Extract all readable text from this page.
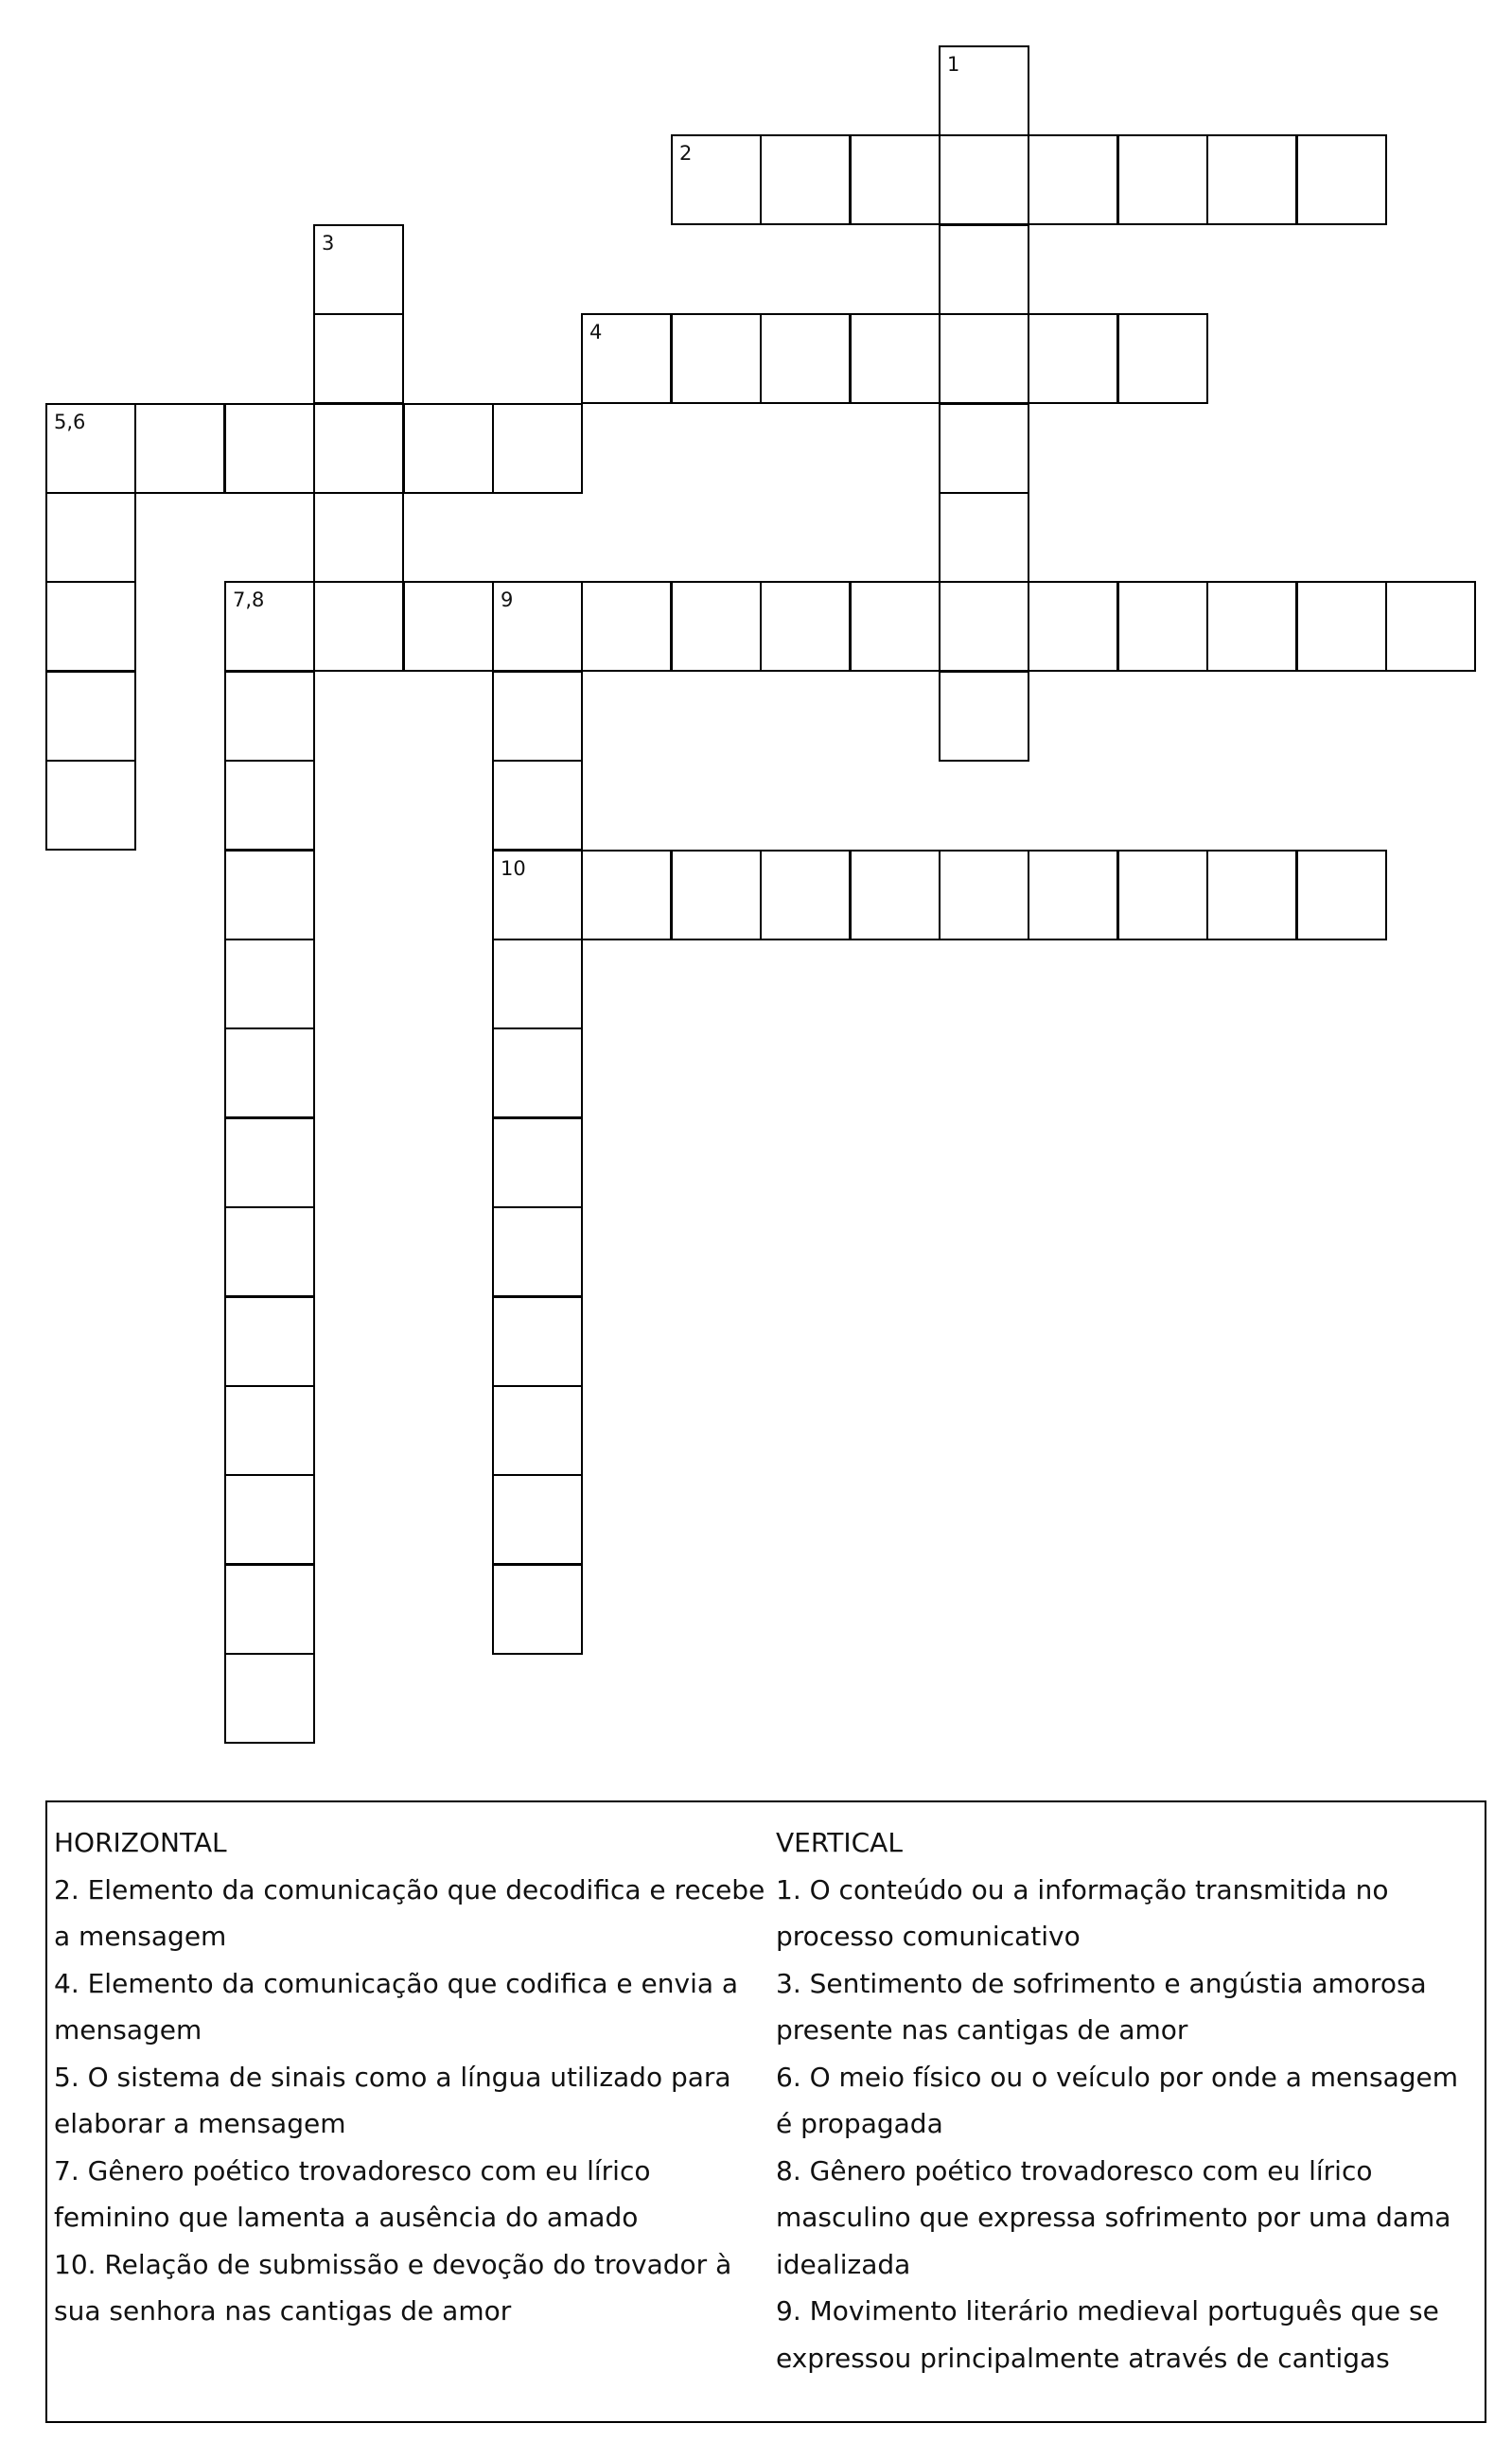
1
2
3
4
5,6
7,8	9
10

HORIZONTAL

2. Elemento da comunicação que decodifica e recebe a mensagem

4. Elemento da comunicação que codifica e envia a mensagem

5. O sistema de sinais como a língua utilizado para elaborar a mensagem

7. Gênero poético trovadoresco com eu lírico feminino que lamenta a ausência do amado

10. Relação de submissão e devoção do trovador à sua senhora nas cantigas de amor

VERTICAL

1. O conteúdo ou a informação transmitida no processo comunicativo

3. Sentimento de sofrimento e angústia amorosa presente nas cantigas de amor

6. O meio físico ou o veículo por onde a mensagem é propagada

8. Gênero poético trovadoresco com eu lírico masculino que expressa sofrimento por uma dama idealizada

9. Movimento literário medieval português que se expressou principalmente através de cantigas
